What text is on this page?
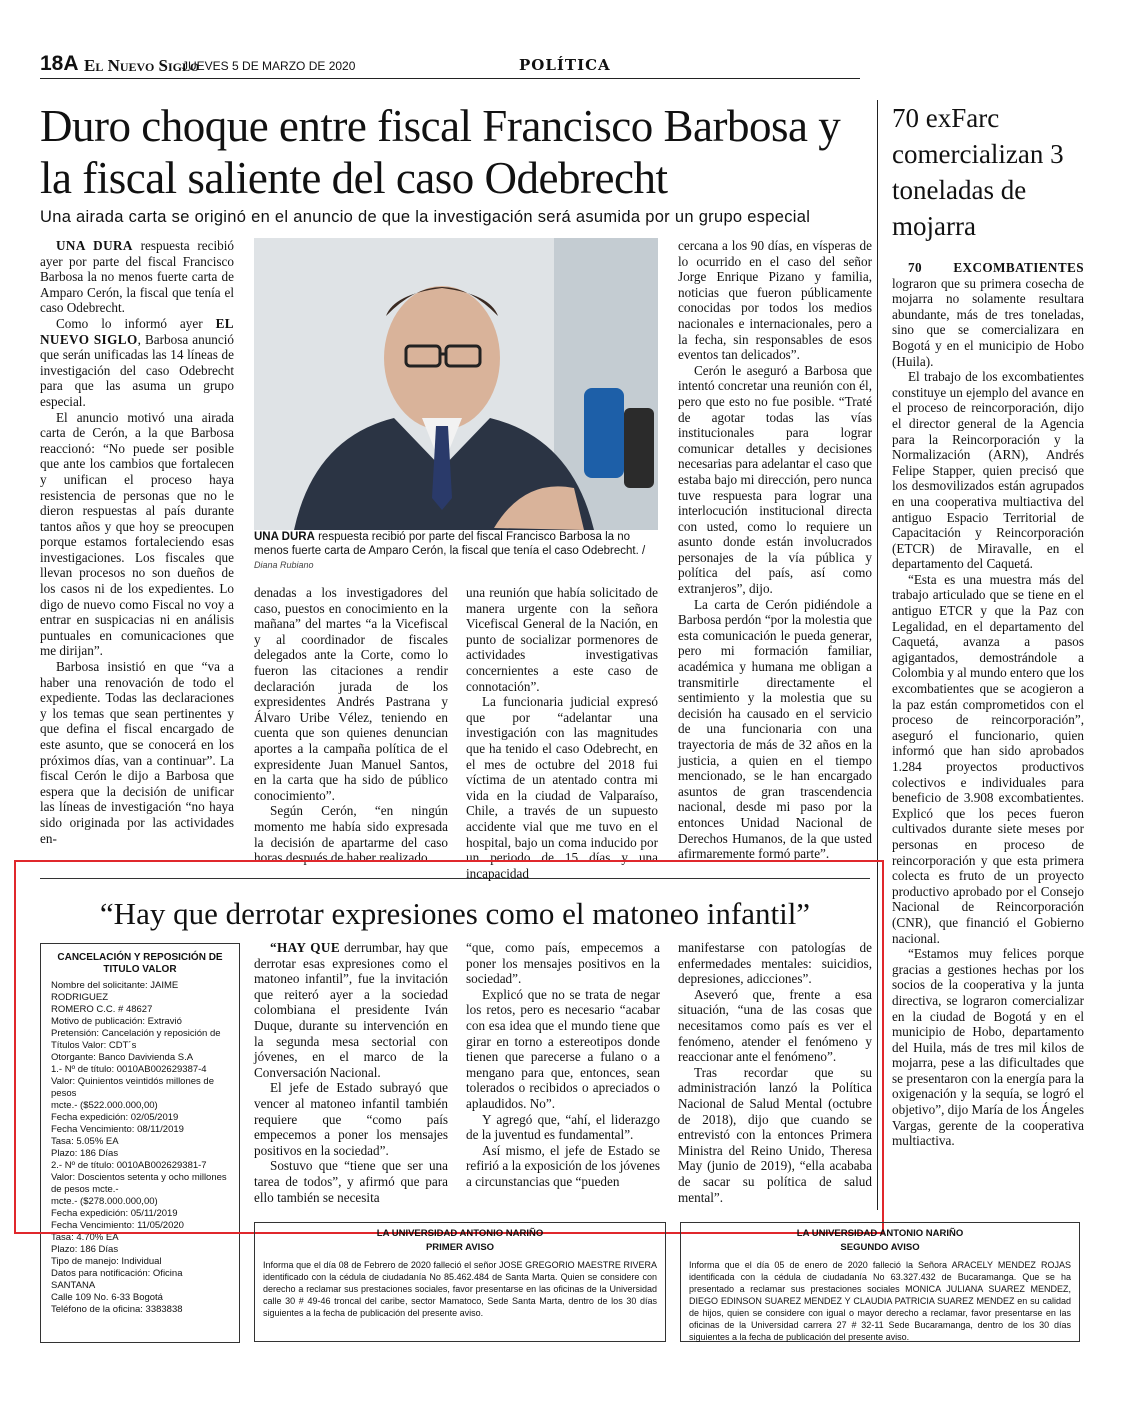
18A El Nuevo Siglo
JUEVES 5 DE MARZO DE 2020	POLÍTICA
Duro choque entre fiscal Francisco Barbosa y la fiscal saliente del caso Odebrecht
Una airada carta se originó en el anuncio de que la investigación será asumida por un grupo especial

UNA DURA respuesta recibió ayer por parte del fiscal Francisco Barbosa la no menos fuerte carta de Amparo Cerón, la fiscal que tenía el caso Odebrecht.

Como lo informó ayer EL NUEVO SIGLO, Barbosa anunció que serán unificadas las 14 líneas de investigación del caso Odebrecht para que las asuma un grupo especial.

El anuncio motivó una airada carta de Cerón, a la que Barbosa reaccionó: “No puede ser posible que ante los cambios que fortalecen y unifican el proceso haya resistencia de personas que no le dieron respuestas al país durante tantos años y que hoy se preocupen porque estamos fortaleciendo esas investigaciones. Los fiscales que llevan procesos no son dueños de los casos ni de los expedientes. Lo digo de nuevo como Fiscal no voy a entrar en suspicacias ni en análisis puntuales en comunicaciones que me dirijan”.

Barbosa insistió en que “va a haber una renovación de todo el expediente. Todas las declaraciones y los temas que sean pertinentes y que defina el fiscal encargado de este asunto, que se conocerá en los próximos días, van a continuar”. La fiscal Cerón le dijo a Barbosa que espera que la decisión de unificar las líneas de investigación “no haya sido originada por las actividades en-

UNA DURA respuesta recibió por parte del fiscal Francisco Barbosa la no menos fuerte carta de Amparo Cerón, la fiscal que tenía el caso Odebrecht. /
Diana Rubiano

denadas a los investigadores del caso, puestos en conocimiento en la mañana” del martes “a la Vicefiscal y al coordinador de fiscales delegados ante la Corte, como lo fueron las citaciones a rendir declaración jurada de los expresidentes Andrés Pastrana y Álvaro Uribe Vélez, teniendo en cuenta que son quienes denuncian aportes a la campaña política de el expresidente Juan Manuel Santos, en la carta que ha sido de público conocimiento”.

Según Cerón, “en ningún momento me había sido expresada la decisión de apartarme del caso horas después de haber realizado

una reunión que había solicitado de manera urgente con la señora Vicefiscal General de la Nación, en punto de socializar pormenores de actividades investigativas concernientes a este caso de connotación”.

La funcionaria judicial expresó que por “adelantar una investigación con las magnitudes que ha tenido el caso Odebrecht, en el mes de octubre del 2018 fui víctima de un atentado contra mi vida en la ciudad de Valparaíso, Chile, a través de un supuesto accidente vial que me tuvo en el hospital, bajo un coma inducido por un periodo de 15 días y una incapacidad

cercana a los 90 días, en vísperas de lo ocurrido en el caso del señor Jorge Enrique Pizano y familia, noticias que fueron públicamente conocidas por todos los medios nacionales e internacionales, pero a la fecha, sin responsables de esos eventos tan delicados”.

Cerón le aseguró a Barbosa que intentó concretar una reunión con él, pero que esto no fue posible. “Traté de agotar todas las vías institucionales para lograr comunicar detalles y decisiones necesarias para adelantar el caso que estaba bajo mi dirección, pero nunca tuve respuesta para lograr una interlocución institucional directa con usted, como lo requiere un asunto donde están involucrados personajes de la vía pública y política del país, así como extranjeros”, dijo.

La carta de Cerón pidiéndole a Barbosa perdón “por la molestia que esta comunicación le pueda generar, pero mi formación familiar, académica y humana me obligan a transmitirle directamente el sentimiento y la molestia que su decisión ha causado en el servicio de una funcionaria con una trayectoria de más de 32 años en la justicia, a quien en el tiempo mencionado, se le han encargado asuntos de gran trascendencia nacional, desde mi paso por la entonces Unidad Nacional de Derechos Humanos, de la que usted afirmaremente formó parte”.

70 exFarc comercializan 3 toneladas de mojarra

70 EXCOMBATIENTES lograron que su primera cosecha de mojarra no solamente resultara abundante, más de tres toneladas, sino que se comercializara en Bogotá y en el municipio de Hobo (Huila).

El trabajo de los excombatientes constituye un ejemplo del avance en el proceso de reincorporación, dijo el director general de la Agencia para la Reincorporación y la Normalización (ARN), Andrés Felipe Stapper, quien precisó que los desmovilizados están agrupados en una cooperativa multiactiva del antiguo Espacio Territorial de Capacitación y Reincorporación (ETCR) de Miravalle, en el departamento del Caquetá.

“Esta es una muestra más del trabajo articulado que se tiene en el antiguo ETCR y que la Paz con Legalidad, en el departamento del Caquetá, avanza a pasos agigantados, demostrándole a Colombia y al mundo entero que los excombatientes que se acogieron a la paz están comprometidos con el proceso de reincorporación”, aseguró el funcionario, quien informó que han sido aprobados 1.284 proyectos productivos colectivos e individuales para beneficio de 3.908 excombatientes. Explicó que los peces fueron cultivados durante siete meses por personas en proceso de reincorporación y que esta primera colecta es fruto de un proyecto productivo aprobado por el Consejo Nacional de Reincorporación (CNR), que financió el Gobierno nacional.

“Estamos muy felices porque gracias a gestiones hechas por los socios de la cooperativa y la junta directiva, se lograron comercializar en la ciudad de Bogotá y en el municipio de Hobo, departamento del Huila, más de tres mil kilos de mojarra, pese a las dificultades que se presentaron con la energía para la oxigenación y la sequía, se logró el objetivo”, dijo María de los Ángeles Vargas, gerente de la cooperativa multiactiva.

“Hay que derrotar expresiones como el matoneo infantil”
CANCELACIÓN Y REPOSICIÓN DE TITULO VALOR
Nombre del solicitante: JAIME RODRIGUEZ
ROMERO C.C. # 48627
Motivo de publicación: Extravió
Pretensión: Cancelación y reposición de Títulos Valor: CDT´s
Otorgante: Banco Davivienda S.A
1.- Nº de título: 0010AB002629387-4
Valor: Quinientos veintidós millones de pesos
mcte.- ($522.000.000,00)
Fecha expedición: 02/05/2019
Fecha Vencimiento: 08/11/2019
Tasa: 5.05% EA
Plazo: 186 Días
2.- Nº de título: 0010AB002629381-7
Valor: Doscientos setenta y ocho millones de pesos mcte.-
mcte.- ($278.000.000,00)
Fecha expedición: 05/11/2019
Fecha Vencimiento: 11/05/2020
Tasa: 4.70% EA
Plazo: 186 Días
Tipo de manejo: Individual
Datos para notificación: Oficina SANTANA
Calle 109 No. 6-33 Bogotá
Teléfono de la oficina: 3383838

“HAY QUE derrumbar, hay que derrotar esas expresiones como el matoneo infantil”, fue la invitación que reiteró ayer a la sociedad colombiana el presidente Iván Duque, durante su intervención en la segunda mesa sectorial con jóvenes, en el marco de la Conversación Nacional.

El jefe de Estado subrayó que vencer al matoneo infantil también requiere que “como país empecemos a poner los mensajes positivos en la sociedad”.

Sostuvo que “tiene que ser una tarea de todos”, y afirmó que para ello también se necesita

“que, como país, empecemos a poner los mensajes positivos en la sociedad”.

Explicó que no se trata de negar los retos, pero es necesario “acabar con esa idea que el mundo tiene que girar en torno a estereotipos donde tienen que parecerse a fulano o a mengano para que, entonces, sean tolerados o recibidos o apreciados o aplaudidos. No”.

Y agregó que, “ahí, el liderazgo de la juventud es fundamental”.

Así mismo, el jefe de Estado se refirió a la exposición de los jóvenes a circunstancias que “pueden

manifestarse con patologías de enfermedades mentales: suicidios, depresiones, adicciones”.

Aseveró que, frente a esa situación, “una de las cosas que necesitamos como país es ver el fenómeno, atender el fenómeno y reaccionar ante el fenómeno”.

Tras recordar que su administración lanzó la Política Nacional de Salud Mental (octubre de 2018), dijo que cuando se entrevistó con la entonces Primera Ministra del Reino Unido, Theresa May (junio de 2019), “ella acababa de sacar su política de salud mental”.

LA UNIVERSIDAD ANTONIO NARIÑO
PRIMER AVISO
Informa que el día 08 de Febrero de 2020 falleció el señor JOSE GREGORIO MAESTRE RIVERA identificado con la cédula de ciudadanía No 85.462.484 de Santa Marta. Quien se considere con derecho a reclamar sus prestaciones sociales, favor presentarse en las oficinas de la Universidad calle 30 # 49-46 troncal del caribe, sector Mamatoco, Sede Santa Marta, dentro de los 30 días siguientes a la fecha de publicación del presente aviso.
LA UNIVERSIDAD ANTONIO NARIÑO
SEGUNDO AVISO
Informa que el día 05 de enero de 2020 falleció la Señora ARACELY MENDEZ ROJAS identificada con la cédula de ciudadanía No 63.327.432 de Bucaramanga. Que se ha presentado a reclamar sus prestaciones sociales MONICA JULIANA SUAREZ MENDEZ, DIEGO EDINSON SUAREZ MENDEZ Y CLAUDIA PATRICIA SUAREZ MENDEZ en su calidad de hijos, quien se considere con igual o mayor derecho a reclamar, favor presentarse en las oficinas de la Universidad carrera 27 # 32-11 Sede Bucaramanga, dentro de los 30 días siguientes a la fecha de publicación del presente aviso.
